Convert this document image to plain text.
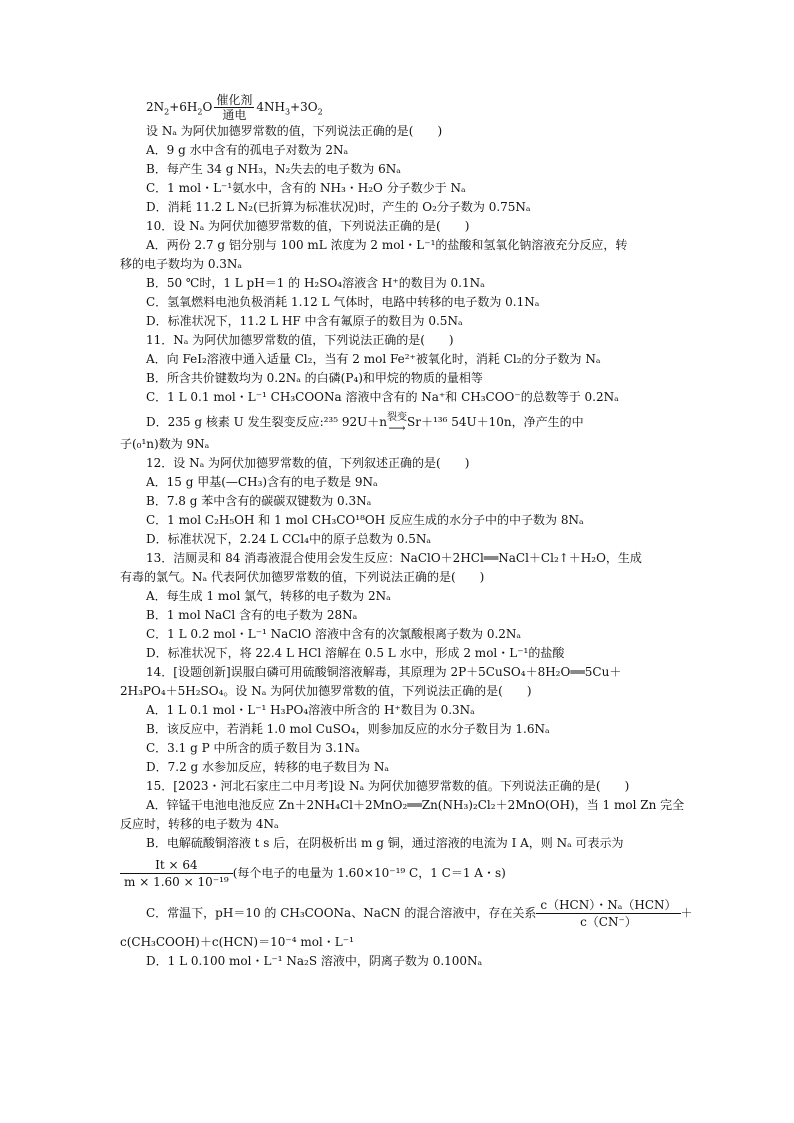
$2N_2+6H_2O$ 催化剂
通电
$4NH_3+3O_2$
设 Nₐ 为阿伏加德罗常数的值，下列说法正确的是(　　)
A．9 g 水中含有的孤电子对数为 2Nₐ
B．每产生 34 g NH₃，N₂失去的电子数为 6Nₐ
C．1 mol・L⁻¹氨水中，含有的 NH₃・H₂O 分子数少于 Nₐ
D．消耗 11.2 L N₂(已折算为标准状况)时，产生的 O₂分子数为 0.75Nₐ
10．设 Nₐ 为阿伏加德罗常数的值，下列说法正确的是(　　)
A．两份 2.7 g 铝分别与 100 mL 浓度为 2 mol・L⁻¹的盐酸和氢氧化钠溶液充分反应，转
移的电子数均为 0.3Nₐ
B．50 ℃时，1 L pH＝1 的 H₂SO₄溶液含 H⁺的数目为 0.1Nₐ
C．氢氧燃料电池负极消耗 1.12 L 气体时，电路中转移的电子数为 0.1Nₐ
D．标准状况下，11.2 L HF 中含有氟原子的数目为 0.5Nₐ
11．Nₐ 为阿伏加德罗常数的值，下列说法正确的是(　　)
A．向 FeI₂溶液中通入适量 Cl₂，当有 2 mol Fe²⁺被氧化时，消耗 Cl₂的分子数为 Nₐ
B．所含共价键数均为 0.2Nₐ 的白磷(P₄)和甲烷的物质的量相等
C．1 L 0.1 mol・L⁻¹ CH₃COONa 溶液中含有的 Na⁺和 CH₃COO⁻的总数等于 0.2Nₐ
D．235 g 核素 U 发生裂变反应:²³⁵ 92U＋n 裂变
⟶ Sr＋¹³⁶ 54U＋10n，净产生的中
子(₀¹n)数为 9Nₐ
12．设 Nₐ 为阿伏加德罗常数的值，下列叙述正确的是(　　)
A．15 g 甲基(—CH₃)含有的电子数是 9Nₐ
B．7.8 g 苯中含有的碳碳双键数为 0.3Nₐ
C．1 mol C₂H₅OH 和 1 mol CH₃CO¹⁸OH 反应生成的水分子中的中子数为 8Nₐ
D．标准状况下，2.24 L CCl₄中的原子总数为 0.5Nₐ
13．洁厕灵和 84 消毒液混合使用会发生反应：NaClO＋2HCl══NaCl＋Cl₂↑＋H₂O，生成
有毒的氯气。Nₐ 代表阿伏加德罗常数的值，下列说法正确的是(　　)
A．每生成 1 mol 氯气，转移的电子数为 2Nₐ
B．1 mol NaCl 含有的电子数为 28Nₐ
C．1 L 0.2 mol・L⁻¹ NaClO 溶液中含有的次氯酸根离子数为 0.2Nₐ
D．标准状况下，将 22.4 L HCl 溶解在 0.5 L 水中，形成 2 mol・L⁻¹的盐酸
14．[设题创新]误服白磷可用硫酸铜溶液解毒，其原理为 2P＋5CuSO₄＋8H₂O══5Cu＋
2H₃PO₄＋5H₂SO₄。设 Nₐ 为阿伏加德罗常数的值，下列说法正确的是(　　)
A．1 L 0.1 mol・L⁻¹ H₃PO₄溶液中所含的 H⁺数目为 0.3Nₐ
B．该反应中，若消耗 1.0 mol CuSO₄，则参加反应的水分子数目为 1.6Nₐ
C．3.1 g P 中所含的质子数目为 3.1Nₐ
D．7.2 g 水参加反应，转移的电子数目为 Nₐ
15．[2023・河北石家庄二中月考]设 Nₐ 为阿伏加德罗常数的值。下列说法正确的是(　　)
A．锌锰干电池电池反应 Zn＋2NH₄Cl＋2MnO₂══Zn(NH₃)₂Cl₂＋2MnO(OH)，当 1 mol Zn 完全
反应时，转移的电子数为 4Nₐ
B．电解硫酸铜溶液 t s 后，在阴极析出 m g 铜，通过溶液的电流为 I A，则 Nₐ 可表示为
$\frac{It \times 64}{\text{m × 1.60 × 10⁻¹⁹}}$ (每个电子的电量为 1.60×10⁻¹⁹ C，1 C＝1 A・s)
C．常温下，pH＝10 的 CH₃COONa、NaCN 的混合溶液中，存在关系
c（HCN）・Nₐ（HCN）
c（CN⁻）
＋
c(CH₃COOH)＋c(HCN)＝10⁻⁴ mol・L⁻¹
D．1 L 0.100 mol・L⁻¹ Na₂S 溶液中，阴离子数为 0.100Nₐ
